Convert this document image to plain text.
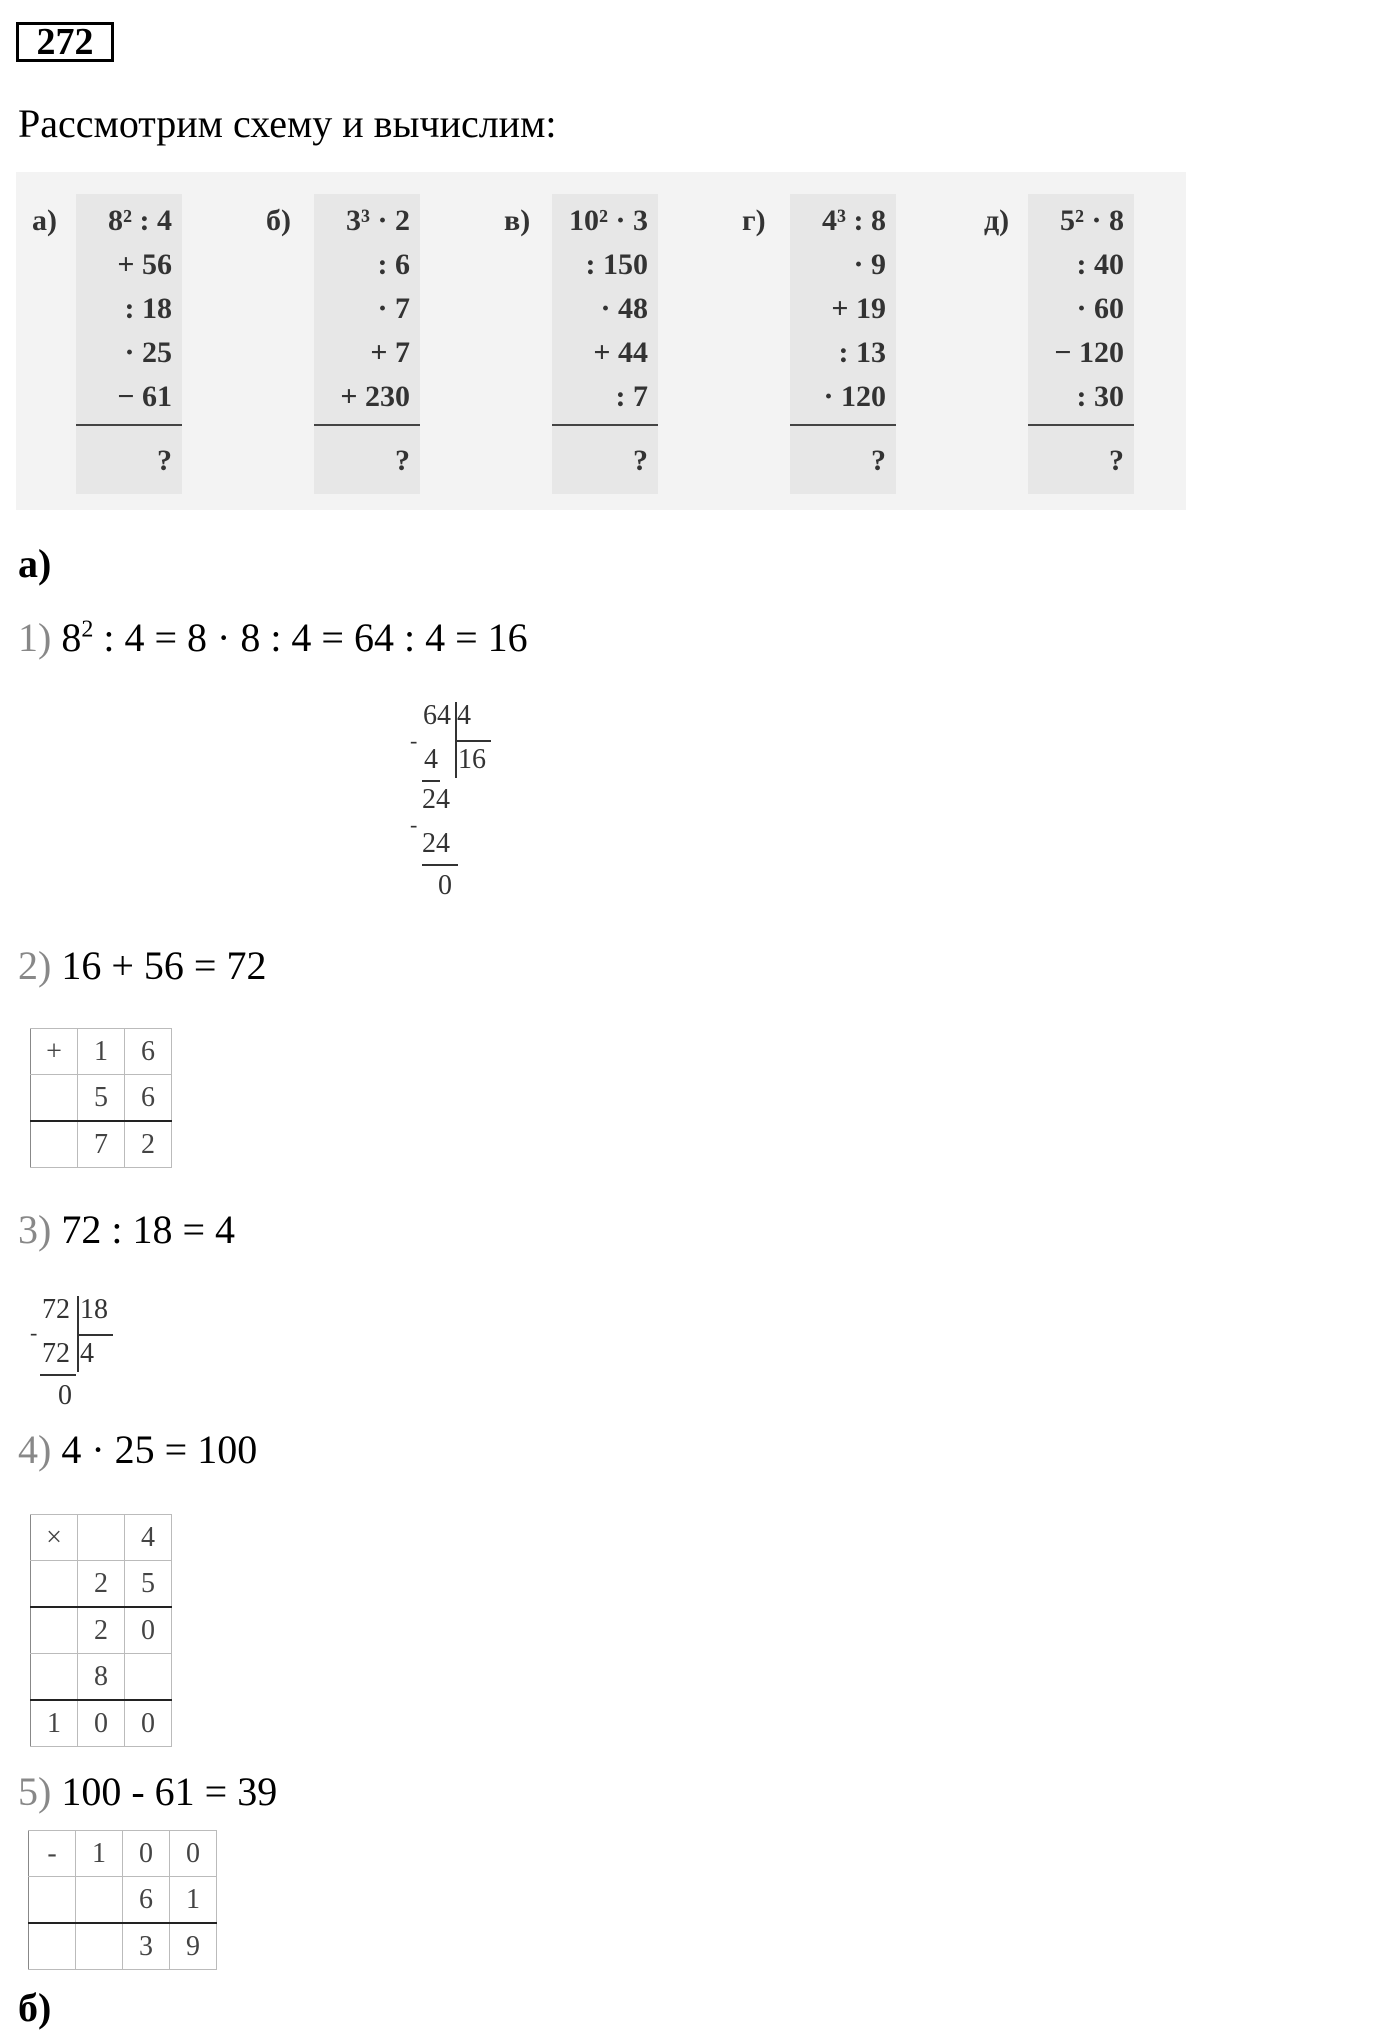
272
Рассмотрим схему и вычислим:
а) 8² : 4
+ 56
: 18
· 25
− 61
?
б) 3³ · 2
: 6
· 7
+ 7
+ 230
?
в) 10² · 3
: 150
· 48
+ 44
: 7
?
г) 4³ : 8
· 9
+ 19
: 13
· 120
?
д) 5² · 8
: 40
· 60
− 120
: 30
?
а)
1) $8^2$ : 4 = 8 · 8 : 4 = 64 : 4 = 16
64 4
-
4 16
24
-
24
0
2) 16 + 56 = 72
+	1	6
	5	6
	7	2
3) 72 : 18 = 4
72 18
-
72 4
0
4) 4 · 25 = 100
×		4
	2	5
	2	0
	8	
1	0	0
5) 100 - 61 = 39
-	1	0	0
		6	1
		3	9
б)
